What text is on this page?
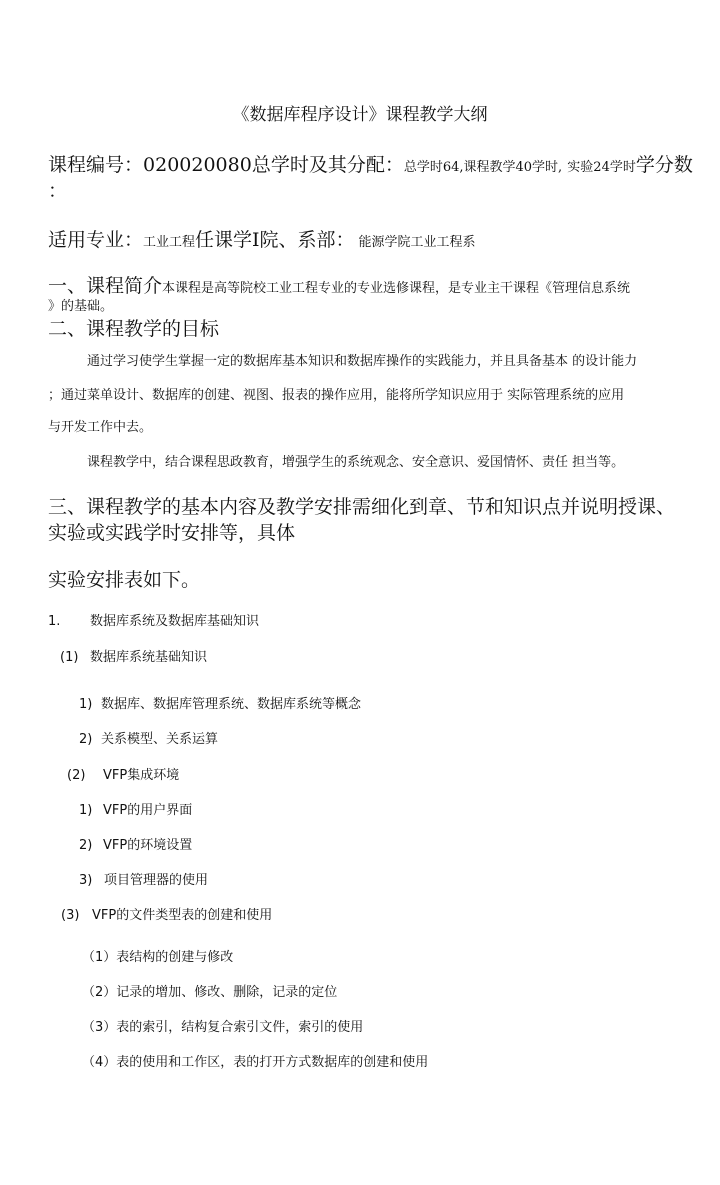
《数据库程序设计》课程教学大纲
课程编号：020020080总学时及其分配：总学时64,课程教学40学时, 实验24学时学分数
：
适用专业：工业工程任课学I院、系部： 能源学院工业工程系
一、课程简介本课程是高等院校工业工程专业的专业选修课程，是专业主干课程《管理信息系统
》的基础。
二、课程教学的目标
通过学习使学生掌握一定的数据库基本知识和数据库操作的实践能力，并且具备基本 的设计能力
；通过菜单设计、数据库的创建、视图、报表的操作应用，能将所学知识应用于 实际管理系统的应用
与开发工作中去。
课程教学中，结合课程思政教育，增强学生的系统观念、安全意识、爱国情怀、责任 担当等。
三、课程教学的基本内容及教学安排需细化到章、节和知识点并说明授课、
实验或实践学时安排等，具体
实验安排表如下。
1. 数据库系统及数据库基础知识
(1) 数据库系统基础知识
1) 数据库、数据库管理系统、数据库系统等概念
2) 关系模型、关系运算
(2) VFP集成环境
1) VFP的用户界面
2) VFP的环境设置
3) 项目管理器的使用
(3) VFP的文件类型表的创建和使用
（1）表结构的创建与修改
（2）记录的增加、修改、删除，记录的定位
（3）表的索引，结构复合索引文件，索引的使用
（4）表的使用和工作区，表的打开方式数据库的创建和使用
